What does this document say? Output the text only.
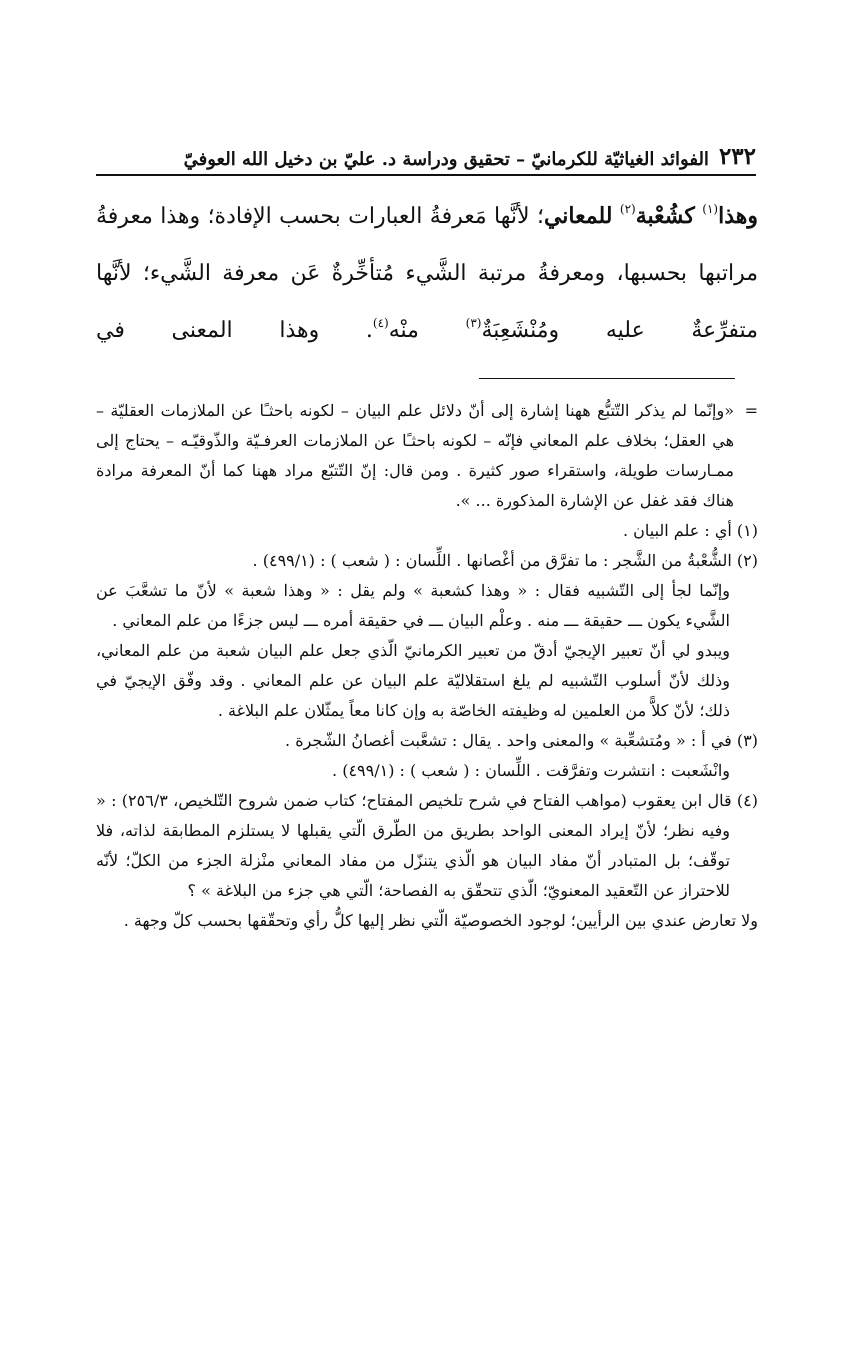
٢٣٢
الفوائد الغياثيّة للكرمانيّ – تحقيق ودراسة د. عليّ بن دخيل الله العوفيّ

وهذا$^{(١)}$ كشُعْبة$^{(٢)}$ للمعاني؛ لأنَّها مَعرفةُ العبارات بحسب الإفادة؛ وهذا معرفةُ مراتبها بحسبها، ومعرفةُ مرتبة الشَّيء مُتأخِّرةٌ عَن معرفة الشَّيء؛ لأنَّها متفرِّعةٌ عليه ومُنْشَعِبَةٌ$^{(٣)}$ منْه$^{(٤)}$. وهذا المعنى في

=
«وإنّما لم يذكر التّتبُّع ههنا إشارة إلى أنّ دلائل علم البيان – لكونه باحثـًا عن الملازمات العقليّة – هي العقل؛ بخلاف علم المعاني فإنّه – لكونه باحثـًا عن الملازمات العرفـيّة والذّوقيّـه – يحتاج إلى ممـارسات طويلة، واستقراء صور كثيرة . ومن قال: إنّ التّتبّع مراد ههنا كما أنّ المعرفة مرادة هناك فقد غفل عن الإشارة المذكورة ... ».

(١) أي : علم البيان .

(٢) الشُّعْبةُ من الشَّجر : ما تفرَّق من أغْصانها . اللِّسان : ( شعب ) : (٤٩٩/١) .

وإنّما لجأ إلى التّشبيه فقال : « وهذا كشعبة » ولم يقل : « وهذا شعبة » لأنّ ما تشعَّبَ عن الشَّيء يكون ـــ حقيقة ـــ منه . وعلْم البيان ـــ في حقيقة أمره ـــ ليس جزءًا من علم المعاني .

ويبدو لي أنّ تعبير الإيجيّ أدقّ من تعبير الكرمانيّ الّذي جعل علم البيان شعبة من علم المعاني، وذلك لأنّ أسلوب التّشبيه لم يلغ استقلاليّة علم البيان عن علم المعاني . وقد وفّق الإيجيّ في ذلك؛ لأنّ كلاًّ من العلمين له وظيفته الخاصّة به وإن كانا معاً يمثّلان علم البلاغة .

(٣) في أ : « ومُتشعِّبة » والمعنى واحد . يقال : تشعَّبت أغصانُ الشّجرة .

وانْشَعبت : انتشرت وتفرَّقت . اللِّسان : ( شعب ) : (٤٩٩/١) .

(٤) قال ابن يعقوب (مواهب الفتاح في شرح تلخيص المفتاح؛ كتاب ضمن شروح التّلخيص، ٢٥٦/٣) : « وفيه نظر؛ لأنّ إيراد المعنى الواحد بطريق من الطّرق الّتي يقبلها لا يستلزم المطابقة لذاته، فلا توقّف؛ بل المتبادر أنّ مفاد البيان هو الّذي يتنزّل من مفاد المعاني منْزلة الجزء من الكلّ؛ لأنّه للاحتراز عن التّعقيد المعنويّ؛ الّذي تتحقّق به الفصاحة؛ الّتي هي جزء من البلاغة » ؟

ولا تعارض عندي بين الرأيين؛ لوجود الخصوصيّة الّتي نظر إليها كلُّ رأي وتحقّقها بحسب كلّ وجهة .
